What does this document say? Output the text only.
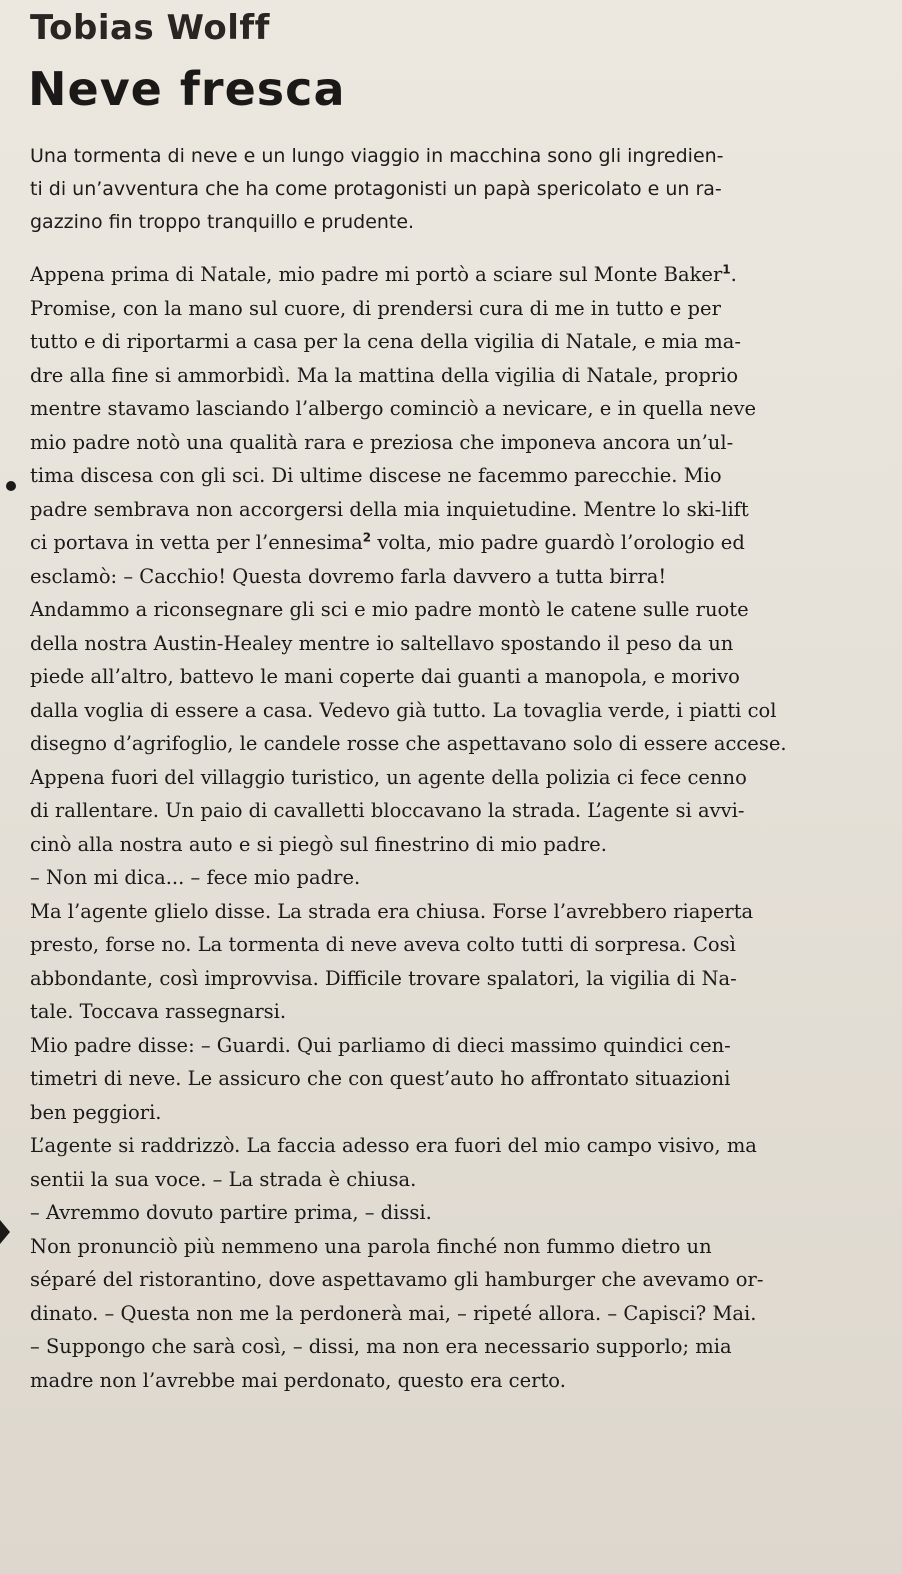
Tobias Wolff
Neve fresca
Una tormenta di neve e un lungo viaggio in macchina sono gli ingredien-
ti di un’avventura che ha come protagonisti un papà spericolato e un ra-
gazzino fin troppo tranquillo e prudente.
Appena prima di Natale, mio padre mi portò a sciare sul Monte Baker$^1$.
Promise, con la mano sul cuore, di prendersi cura di me in tutto e per
tutto e di riportarmi a casa per la cena della vigilia di Natale, e mia ma-
dre alla fine si ammorbidì. Ma la mattina della vigilia di Natale, proprio
mentre stavamo lasciando l’albergo cominciò a nevicare, e in quella neve
mio padre notò una qualità rara e preziosa che imponeva ancora un’ul-
tima discesa con gli sci. Di ultime discese ne facemmo parecchie. Mio
padre sembrava non accorgersi della mia inquietudine. Mentre lo ski-lift
ci portava in vetta per l’ennesima$^2$ volta, mio padre guardò l’orologio ed
esclamò: – Cacchio! Questa dovremo farla davvero a tutta birra!
Andammo a riconsegnare gli sci e mio padre montò le catene sulle ruote
della nostra Austin-Healey mentre io saltellavo spostando il peso da un
piede all’altro, battevo le mani coperte dai guanti a manopola, e morivo
dalla voglia di essere a casa. Vedevo già tutto. La tovaglia verde, i piatti col
disegno d’agrifoglio, le candele rosse che aspettavano solo di essere accese.
Appena fuori del villaggio turistico, un agente della polizia ci fece cenno
di rallentare. Un paio di cavalletti bloccavano la strada. L’agente si avvi-
cinò alla nostra auto e si piegò sul finestrino di mio padre.
– Non mi dica... – fece mio padre.
Ma l’agente glielo disse. La strada era chiusa. Forse l’avrebbero riaperta
presto, forse no. La tormenta di neve aveva colto tutti di sorpresa. Così
abbondante, così improvvisa. Difficile trovare spalatori, la vigilia di Na-
tale. Toccava rassegnarsi.
Mio padre disse: – Guardi. Qui parliamo di dieci massimo quindici cen-
timetri di neve. Le assicuro che con quest’auto ho affrontato situazioni
ben peggiori.
L’agente si raddrizzò. La faccia adesso era fuori del mio campo visivo, ma
sentii la sua voce. – La strada è chiusa.
– Avremmo dovuto partire prima, – dissi.
Non pronunciò più nemmeno una parola finché non fummo dietro un
séparé del ristorantino, dove aspettavamo gli hamburger che avevamo or-
dinato. – Questa non me la perdonerà mai, – ripeté allora. – Capisci? Mai.
– Suppongo che sarà così, – dissi, ma non era necessario supporlo; mia
madre non l’avrebbe mai perdonato, questo era certo.
